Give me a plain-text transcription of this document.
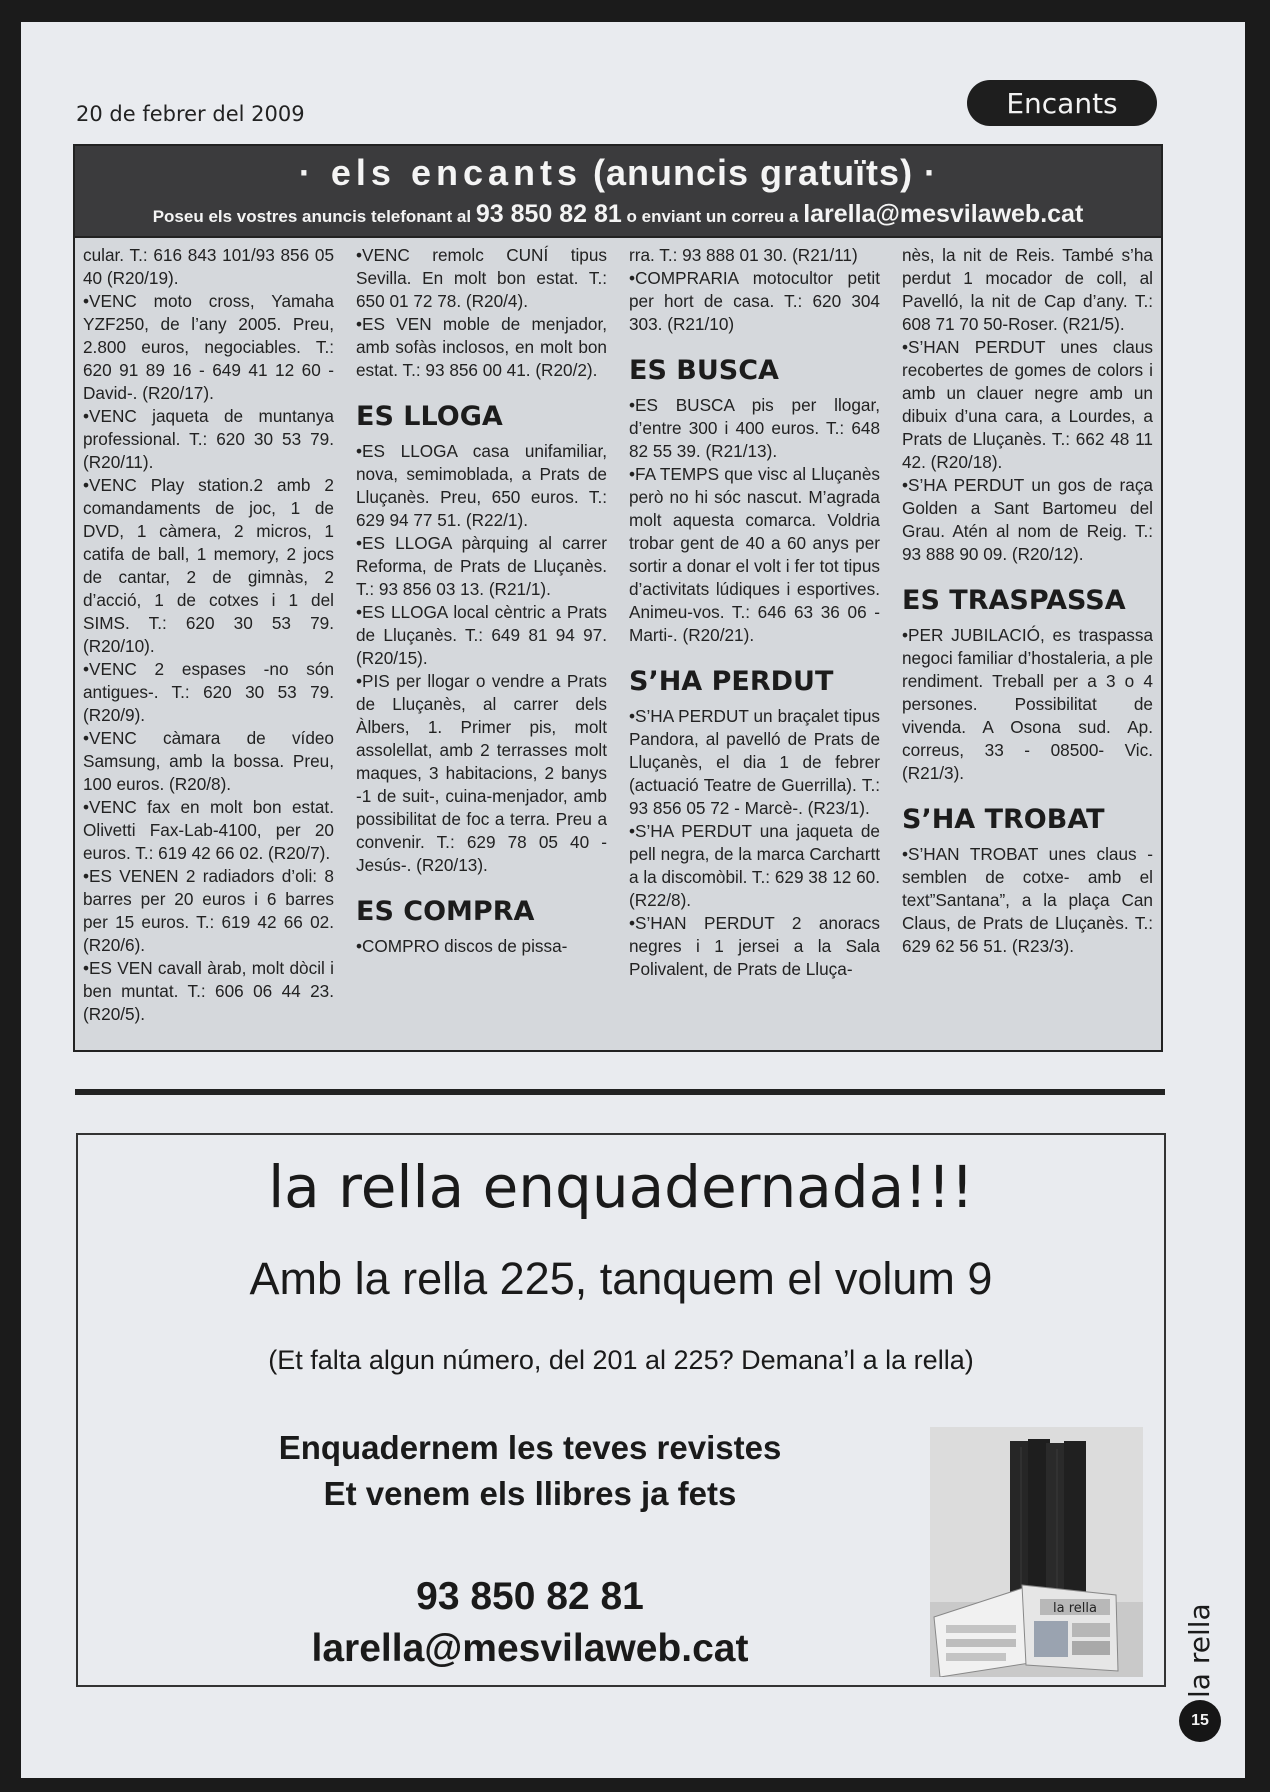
20 de febrer del 2009	Encants
· els encants (anuncis gratuïts) ·
Poseu els vostres anuncis telefonant al 93 850 82 81 o enviant un correu a larella@mesvilaweb.cat

cular. T.: 616 843 101/93 856 05 40 (R20/19).

•VENC moto cross, Yamaha YZF250, de l’any 2005. Preu, 2.800 euros, negociables. T.: 620 91 89 16 - 649 41 12 60 -David-. (R20/17).

•VENC jaqueta de muntanya professional. T.: 620 30 53 79. (R20/11).

•VENC Play station.2 amb 2 comandaments de joc, 1 de DVD, 1 càmera, 2 micros, 1 catifa de ball, 1 memory, 2 jocs de cantar, 2 de gimnàs, 2 d’acció, 1 de cotxes i 1 del SIMS. T.: 620 30 53 79. (R20/10).

•VENC 2 espases -no són antigues-. T.: 620 30 53 79. (R20/9).

•VENC càmara de vídeo Samsung, amb la bossa. Preu, 100 euros. (R20/8).

•VENC fax en molt bon estat. Olivetti Fax-Lab-4100, per 20 euros. T.: 619 42 66 02. (R20/7).

•ES VENEN 2 radiadors d’oli: 8 barres per 20 euros i 6 barres per 15 euros. T.: 619 42 66 02. (R20/6).

•ES VEN cavall àrab, molt dòcil i ben muntat. T.: 606 06 44 23. (R20/5).

•VENC remolc CUNÍ tipus Sevilla. En molt bon estat. T.: 650 01 72 78. (R20/4).

•ES VEN moble de menjador, amb sofàs inclosos, en molt bon estat. T.: 93 856 00 41. (R20/2).

ES LLOGA

•ES LLOGA casa unifamiliar, nova, semimoblada, a Prats de Lluçanès. Preu, 650 euros. T.: 629 94 77 51. (R22/1).

•ES LLOGA pàrquing al carrer Reforma, de Prats de Lluçanès. T.: 93 856 03 13. (R21/1).

•ES LLOGA local cèntric a Prats de Lluçanès. T.: 649 81 94 97. (R20/15).

•PIS per llogar o vendre a Prats de Lluçanès, al carrer dels Àlbers, 1. Primer pis, molt assolellat, amb 2 terrasses molt maques, 3 habitacions, 2 banys -1 de suit-, cuina-menjador, amb possibilitat de foc a terra. Preu a convenir. T.: 629 78 05 40 - Jesús-. (R20/13).

ES COMPRA

•COMPRO discos de pissa-

rra. T.: 93 888 01 30. (R21/11)

•COMPRARIA motocultor petit per hort de casa. T.: 620 304 303. (R21/10)

ES BUSCA

•ES BUSCA pis per llogar, d’entre 300 i 400 euros. T.: 648 82 55 39. (R21/13).

•FA TEMPS que visc al Lluçanès però no hi sóc nascut. M’agrada molt aquesta comarca. Voldria trobar gent de 40 a 60 anys per sortir a donar el volt i fer tot tipus d’activitats lúdiques i esportives. Animeu-vos. T.: 646 63 36 06 -Marti-. (R20/21).

S’HA PERDUT

•S’HA PERDUT un braçalet tipus Pandora, al pavelló de Prats de Lluçanès, el dia 1 de febrer (actuació Teatre de Guerrilla). T.: 93 856 05 72 - Marcè-. (R23/1).

•S’HA PERDUT una jaqueta de pell negra, de la marca Carchartt a la discomòbil. T.: 629 38 12 60. (R22/8).

•S’HAN PERDUT 2 anoracs negres i 1 jersei a la Sala Polivalent, de Prats de Lluça-

nès, la nit de Reis. També s’ha perdut 1 mocador de coll, al Pavelló, la nit de Cap d’any. T.: 608 71 70 50-Roser. (R21/5).

•S’HAN PERDUT unes claus recobertes de gomes de colors i amb un clauer negre amb un dibuix d’una cara, a Lourdes, a Prats de Lluçanès. T.: 662 48 11 42. (R20/18).

•S’HA PERDUT un gos de raça Golden a Sant Bartomeu del Grau. Atén al nom de Reig. T.: 93 888 90 09. (R20/12).

ES TRASPASSA

•PER JUBILACIÓ, es traspassa negoci familiar d’hostaleria, a ple rendiment. Treball per a 3 o 4 persones. Possibilitat de vivenda. A Osona sud. Ap. correus, 33 - 08500- Vic. (R21/3).

S’HA TROBAT

•S’HAN TROBAT unes claus -semblen de cotxe- amb el text”Santana”, a la plaça Can Claus, de Prats de Lluçanès. T.: 629 62 56 51. (R23/3).

la rella enquadernada!!!
Amb la rella 225, tanquem el volum 9
(Et falta algun número, del 201 al 225? Demana’l a la rella)
Enquadernem les teves revistes
Et venem els llibres ja fets
93 850 82 81
larella@mesvilaweb.cat
la rella	la rella
15
